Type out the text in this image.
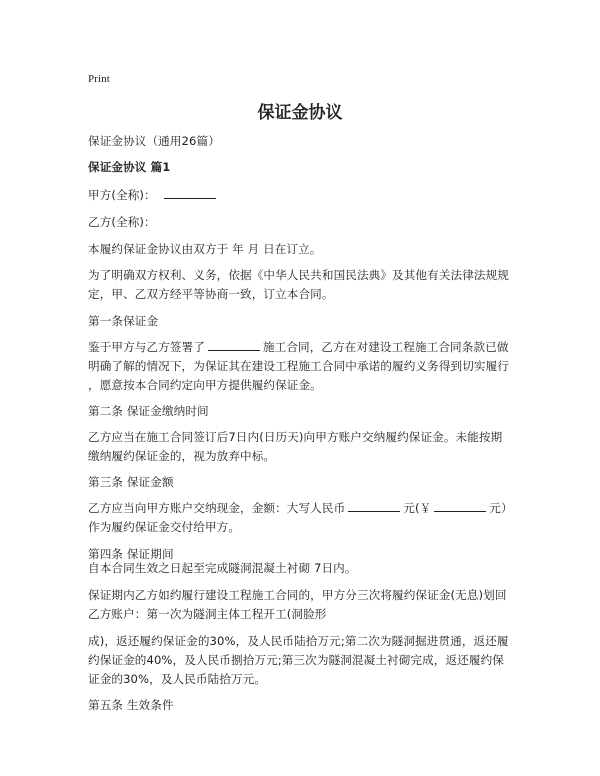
Print
保证金协议
保证金协议（通用26篇）
保证金协议 篇1
甲方(全称)：
乙方(全称)：
本履约保证金协议由双方于 年 月 日在订立。
为了明确双方权利、义务，依据《中华人民共和国民法典》及其他有关法律法规规
定，甲、乙双方经平等协商一致，订立本合同。
第一条保证金
鉴于甲方与乙方签署了	施工合同，乙方在对建设工程施工合同条款已做
明确了解的情况下，为保证其在建设工程施工合同中承诺的履约义务得到切实履行
，愿意按本合同约定向甲方提供履约保证金。
第二条 保证金缴纳时间
乙方应当在施工合同签订后7日内(日历天)向甲方账户交纳履约保证金。未能按期
缴纳履约保证金的，视为放弃中标。
第三条 保证金额
乙方应当向甲方账户交纳现金，金额：大写人民币	元(￥	元）
作为履约保证金交付给甲方。
第四条 保证期间
自本合同生效之日起至完成隧洞混凝土衬砌 7日内。
保证期内乙方如约履行建设工程施工合同的，甲方分三次将履约保证金(无息)划回
乙方账户：第一次为隧洞主体工程开工(洞脸形
成)，返还履约保证金的30%，及人民币陆拾万元;第二次为隧洞掘进贯通，返还履
约保证金的40%，及人民币捌拾万元;第三次为隧洞混凝土衬砌完成，返还履约保
证金的30%，及人民币陆拾万元。
第五条 生效条件
